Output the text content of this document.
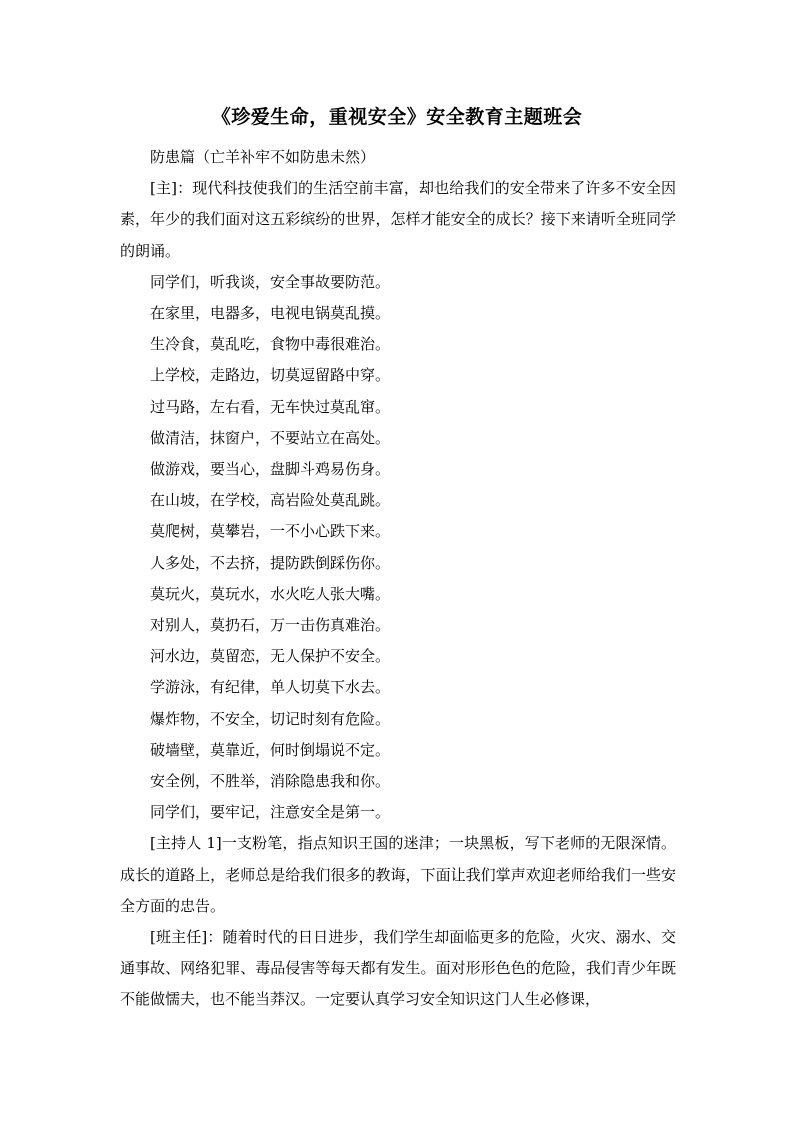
《珍爱生命，重视安全》安全教育主题班会

防患篇（亡羊补牢不如防患未然）

[主]：现代科技使我们的生活空前丰富，却也给我们的安全带来了许多不安全因素，年少的我们面对这五彩缤纷的世界，怎样才能安全的成长？接下来请听全班同学的朗诵。

同学们，听我谈，安全事故要防范。

在家里，电器多，电视电锅莫乱摸。

生冷食，莫乱吃，食物中毒很难治。

上学校，走路边，切莫逗留路中穿。

过马路，左右看，无车快过莫乱窜。

做清洁，抹窗户，不要站立在高处。

做游戏，要当心，盘脚斗鸡易伤身。

在山坡，在学校，高岩险处莫乱跳。

莫爬树，莫攀岩，一不小心跌下来。

人多处，不去挤，提防跌倒踩伤你。

莫玩火，莫玩水，水火吃人张大嘴。

对别人，莫扔石，万一击伤真难治。

河水边，莫留恋，无人保护不安全。

学游泳，有纪律，单人切莫下水去。

爆炸物，不安全，切记时刻有危险。

破墙壁，莫靠近，何时倒塌说不定。

安全例，不胜举，消除隐患我和你。

同学们，要牢记，注意安全是第一。

[主持人 1]一支粉笔，指点知识王国的迷津；一块黑板，写下老师的无限深情。成长的道路上，老师总是给我们很多的教诲，下面让我们掌声欢迎老师给我们一些安全方面的忠告。

[班主任]：随着时代的日日进步，我们学生却面临更多的危险，火灾、溺水、交通事故、网络犯罪、毒品侵害等每天都有发生。面对形形色色的危险，我们青少年既不能做懦夫，也不能当莽汉。一定要认真学习安全知识这门人生必修课，
